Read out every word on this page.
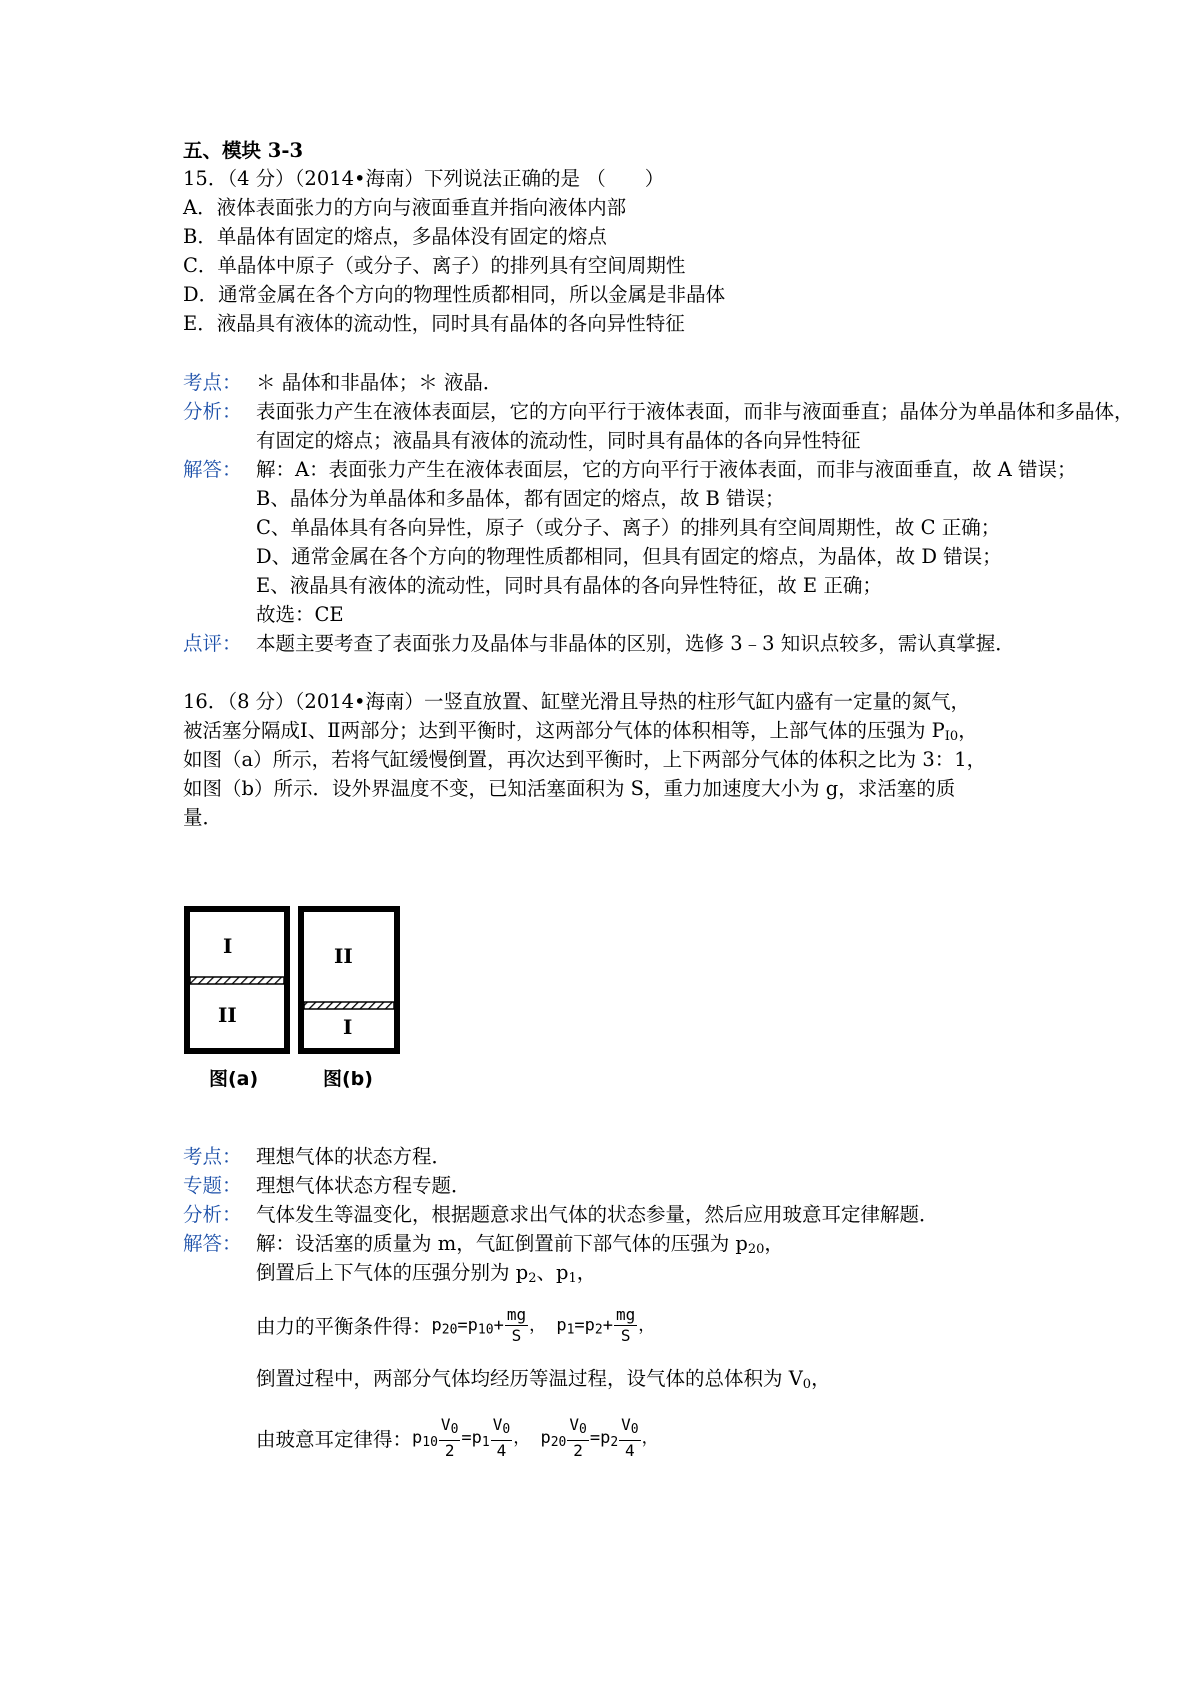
五、模块 3-3
15．（4 分）（2014•海南）下列说法正确的是 （　　）
A．液体表面张力的方向与液面垂直并指向液体内部
B．单晶体有固定的熔点，多晶体没有固定的熔点
C．单晶体中原子（或分子、离子）的排列具有空间周期性
D．通常金属在各个方向的物理性质都相同，所以金属是非晶体
E．液晶具有液体的流动性，同时具有晶体的各向异性特征
考点： ＊ 晶体和非晶体；＊ 液晶．
分析： 表面张力产生在液体表面层，它的方向平行于液体表面，而非与液面垂直；晶体分为单晶体和多晶体，
有固定的熔点；液晶具有液体的流动性，同时具有晶体的各向异性特征
解答： 解：A：表面张力产生在液体表面层，它的方向平行于液体表面，而非与液面垂直，故 A 错误；
B、晶体分为单晶体和多晶体，都有固定的熔点，故 B 错误；
C、单晶体具有各向异性，原子（或分子、离子）的排列具有空间周期性，故 C 正确；
D、通常金属在各个方向的物理性质都相同，但具有固定的熔点，为晶体，故 D 错误；
E、液晶具有液体的流动性，同时具有晶体的各向异性特征，故 E 正确；
故选：CE
点评： 本题主要考查了表面张力及晶体与非晶体的区别，选修 3﹣3 知识点较多，需认真掌握．
16．（8 分）（2014•海南）一竖直放置、缸壁光滑且导热的柱形气缸内盛有一定量的氮气，
被活塞分隔成Ⅰ、Ⅱ两部分；达到平衡时，这两部分气体的体积相等，上部气体的压强为 $P_{Ⅰ0}$，
如图（a）所示，若将气缸缓慢倒置，再次达到平衡时，上下两部分气体的体积之比为 3：1，
如图（b）所示．设外界温度不变，已知活塞面积为 S，重力加速度大小为 g，求活塞的质
量．
I
II
图(a)
II
I
图(b)
考点： 理想气体的状态方程．
专题： 理想气体状态方程专题．
分析： 气体发生等温变化，根据题意求出气体的状态参量，然后应用玻意耳定律解题．
解答： 解：设活塞的质量为 m，气缸倒置前下部气体的压强为 $p_{20}$，
倒置后上下气体的压强分别为 $p_2$、$p_1$，
由力的平衡条件得： $p_{20}=p_{10}+ \frac{mg}{S}$ ， $p_1=p_2+ \frac{mg}{S}$ ，
倒置过程中，两部分气体均经历等温过程，设气体的总体积为 $V_0$，
由玻意耳定律得： $p_{10} \frac{V_0}{2} =p_1 \frac{V_0}{4}$ ， $p_{20} \frac{V_0}{2} =p_2 \frac{V_0}{4}$ ，
